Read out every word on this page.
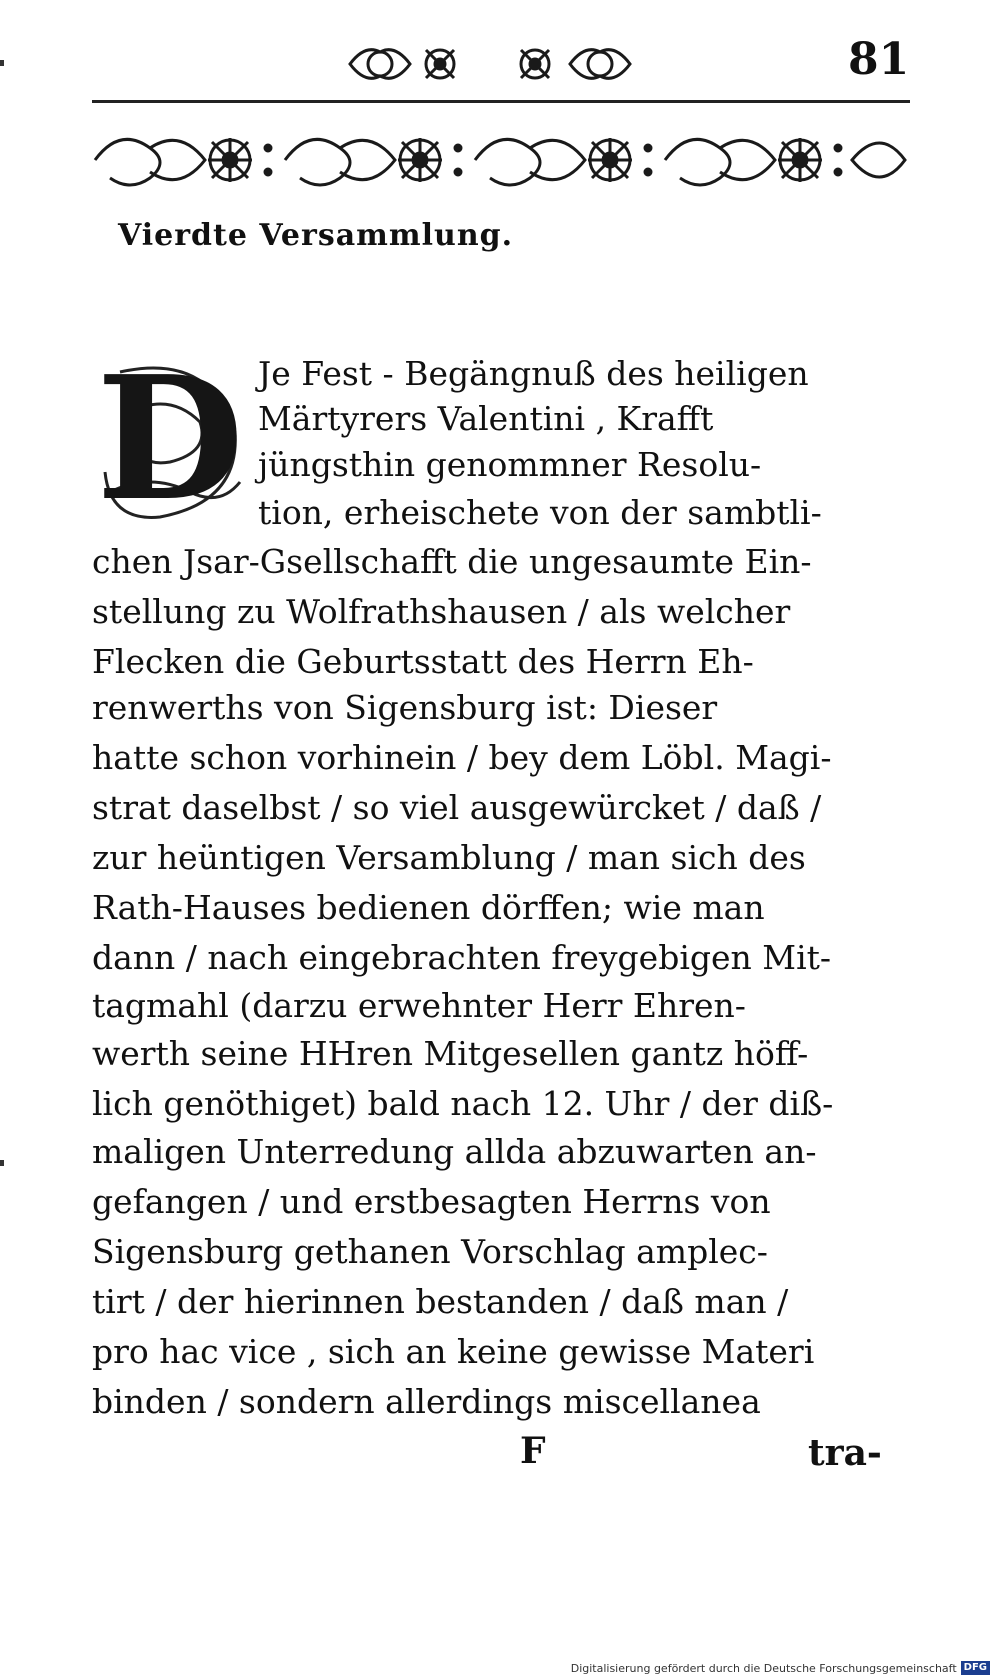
81
Vierdte Versammlung.
D Je Fest - Begängnuß des heiligen
Märtyrers Valentini , Krafft
jüngsthin genommner Resolu-
tion, erheischete von der sambtli-
chen Jsar-Gsellschafft die ungesaumte Ein-
stellung zu Wolfrathshausen / als welcher
Flecken die Geburtsstatt des Herrn Eh-
renwerths von Sigensburg ist: Dieser
hatte schon vorhinein / bey dem Löbl. Magi-
strat daselbst / so viel ausgewürcket / daß /
zur heüntigen Versamblung / man sich des
Rath-Hauses bedienen dörffen; wie man
dann / nach eingebrachten freygebigen Mit-
tagmahl (darzu erwehnter Herr Ehren-
werth seine HHren Mitgesellen gantz höff-
lich genöthiget) bald nach 12. Uhr / der diß-
maligen Unterredung allda abzuwarten an-
gefangen / und erstbesagten Herrns von
Sigensburg gethanen Vorschlag amplec-
tirt / der hierinnen bestanden / daß man /
pro hac vice , sich an keine gewisse Materi
binden / sondern allerdings miscellanea
F	tra-
Digitalisierung gefördert durch die Deutsche Forschungsgemeinschaft DFG
